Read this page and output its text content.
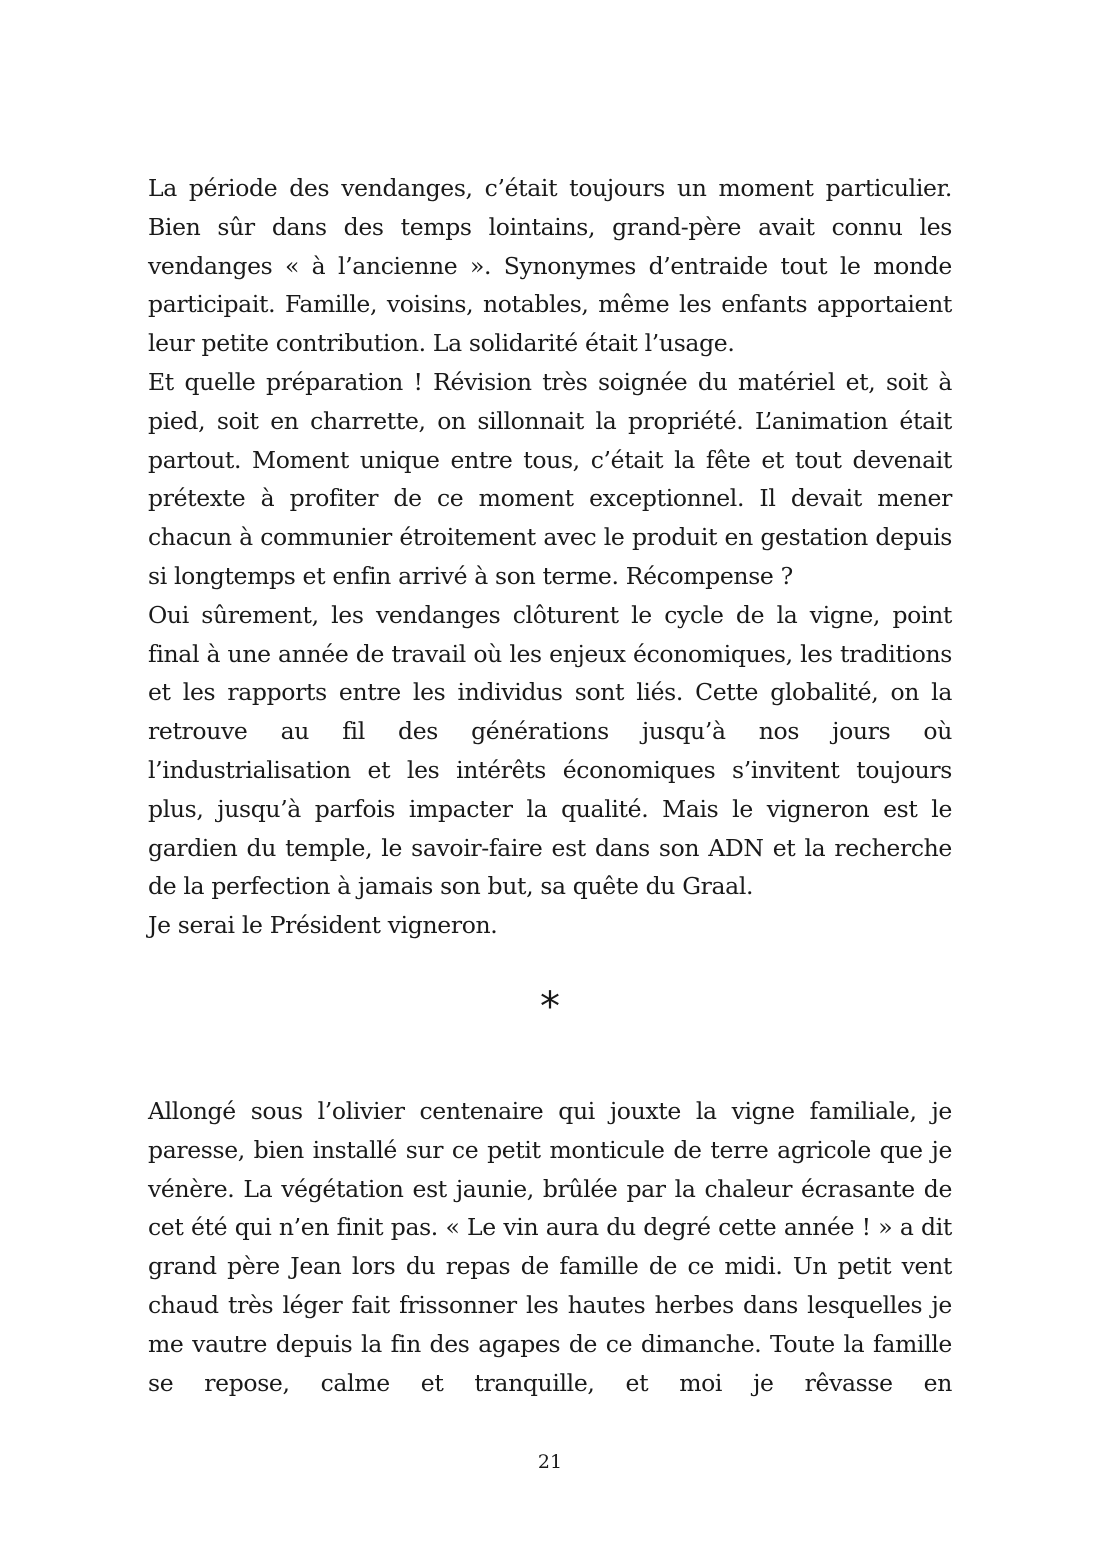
La période des vendanges, c’était toujours un moment particulier. Bien sûr dans des temps lointains, grand-père avait connu les vendanges « à l’ancienne ». Synonymes d’entraide tout le monde participait. Famille, voisins, notables, même les enfants apportaient leur petite contribution. La solidarité était l’usage.

Et quelle préparation ! Révision très soignée du matériel et, soit à pied, soit en charrette, on sillonnait la propriété. L’animation était partout. Moment unique entre tous, c’était la fête et tout devenait prétexte à profiter de ce moment exceptionnel. Il devait mener chacun à communier étroitement avec le produit en gestation depuis si longtemps et enfin arrivé à son terme. Récompense ?

Oui sûrement, les vendanges clôturent le cycle de la vigne, point final à une année de travail où les enjeux économiques, les traditions et les rapports entre les individus sont liés. Cette globalité, on la retrouve au fil des générations jusqu’à nos jours où l’industrialisation et les intérêts économiques s’invitent toujours plus, jusqu’à parfois impacter la qualité. Mais le vigneron est le gardien du temple, le savoir-faire est dans son ADN et la recherche de la perfection à jamais son but, sa quête du Graal.

Je serai le Président vigneron.

*

Allongé sous l’olivier centenaire qui jouxte la vigne familiale, je paresse, bien installé sur ce petit monticule de terre agricole que je vénère. La végétation est jaunie, brûlée par la chaleur écrasante de cet été qui n’en finit pas. « Le vin aura du degré cette année ! » a dit grand père Jean lors du repas de famille de ce midi. Un petit vent chaud très léger fait frissonner les hautes herbes dans lesquelles je me vautre depuis la fin des agapes de ce dimanche. Toute la famille se repose, calme et tranquille, et moi je rêvasse en

21
